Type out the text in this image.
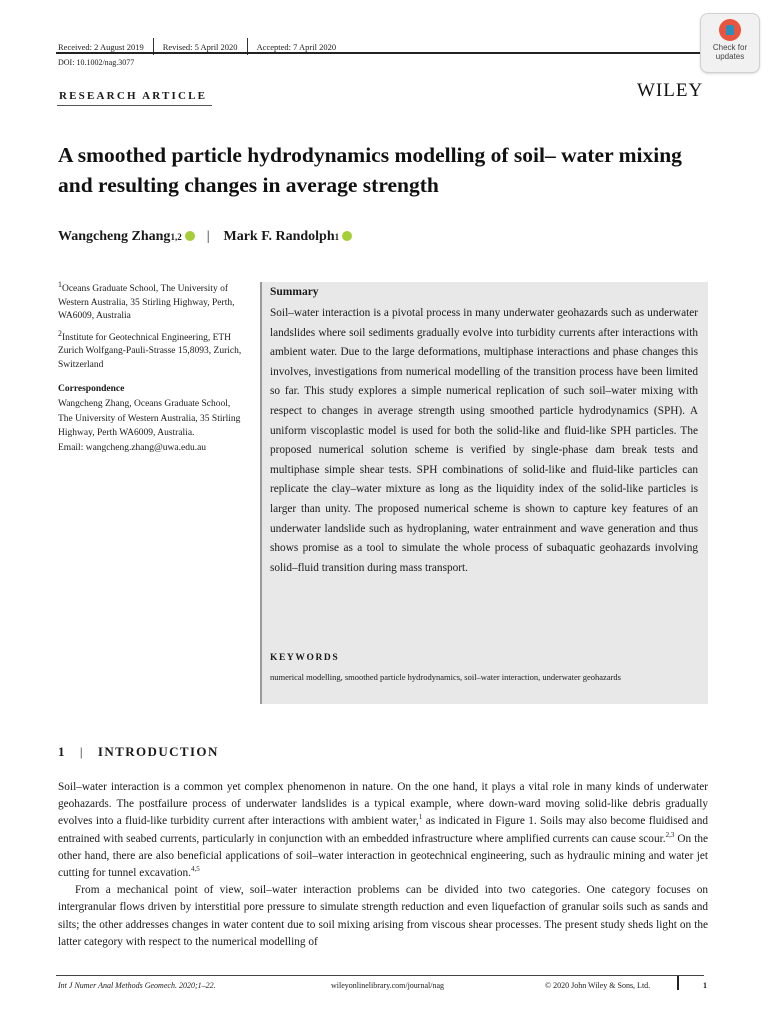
Received: 2 August 2019	Revised: 5 April 2020	Accepted: 7 April 2020
DOI: 10.1002/nag.3077
Check for
updates
WILEY
RESEARCH ARTICLE
A smoothed particle hydrodynamics modelling of soil– water mixing and resulting changes in average strength
Wangcheng Zhang 1,2 | Mark F. Randolph 1

$^1$Oceans Graduate School, The University of Western Australia, 35 Stirling Highway, Perth, WA6009, Australia

$^2$Institute for Geotechnical Engineering, ETH Zurich Wolfgang-Pauli-Strasse 15,8093, Zurich, Switzerland

Correspondence
Wangcheng Zhang, Oceans Graduate School, The University of Western Australia, 35 Stirling Highway, Perth WA6009, Australia.
Email: wangcheng.zhang@uwa.edu.au
Summary
Soil–water interaction is a pivotal process in many underwater geohazards such as underwater landslides where soil sediments gradually evolve into turbidity currents after interactions with ambient water. Due to the large deformations, multiphase interactions and phase changes this involves, investigations from numerical modelling of the transition process have been limited so far. This study explores a simple numerical replication of such soil–water mixing with respect to changes in average strength using smoothed particle hydrodynamics (SPH). A uniform viscoplastic model is used for both the solid-like and fluid-like SPH particles. The proposed numerical solution scheme is verified by single-phase dam break tests and multiphase simple shear tests. SPH combinations of solid-like and fluid-like particles can replicate the clay–water mixture as long as the liquidity index of the solid-like particles is larger than unity. The proposed numerical scheme is shown to capture key features of an underwater landslide such as hydroplaning, water entrainment and wave generation and thus shows promise as a tool to simulate the whole process of subaquatic geohazards involving solid–fluid transition during mass transport.
KEYWORDS
numerical modelling, smoothed particle hydrodynamics, soil–water interaction, underwater geohazards
1 | INTRODUCTION

Soil–water interaction is a common yet complex phenomenon in nature. On the one hand, it plays a vital role in many kinds of underwater geohazards. The postfailure process of underwater landslides is a typical example, where down-ward moving solid-like debris gradually evolves into a fluid-like turbidity current after interactions with ambient water,$^1$ as indicated in Figure 1. Soils may also become fluidised and entrained with seabed currents, particularly in conjunction with an embedded infrastructure where amplified currents can cause scour.$^{2,3}$ On the other hand, there are also beneficial applications of soil–water interaction in geotechnical engineering, such as hydraulic mining and water jet cutting for tunnel excavation.$^{4,5}$

From a mechanical point of view, soil–water interaction problems can be divided into two categories. One category focuses on intergranular flows driven by interstitial pore pressure to simulate strength reduction and even liquefaction of granular soils such as sands and silts; the other addresses changes in water content due to soil mixing arising from viscous shear processes. The present study sheds light on the latter category with respect to the numerical modelling of

Int J Numer Anal Methods Geomech. 2020;1–22.	wileyonlinelibrary.com/journal/nag	© 2020 John Wiley & Sons, Ltd.	1
